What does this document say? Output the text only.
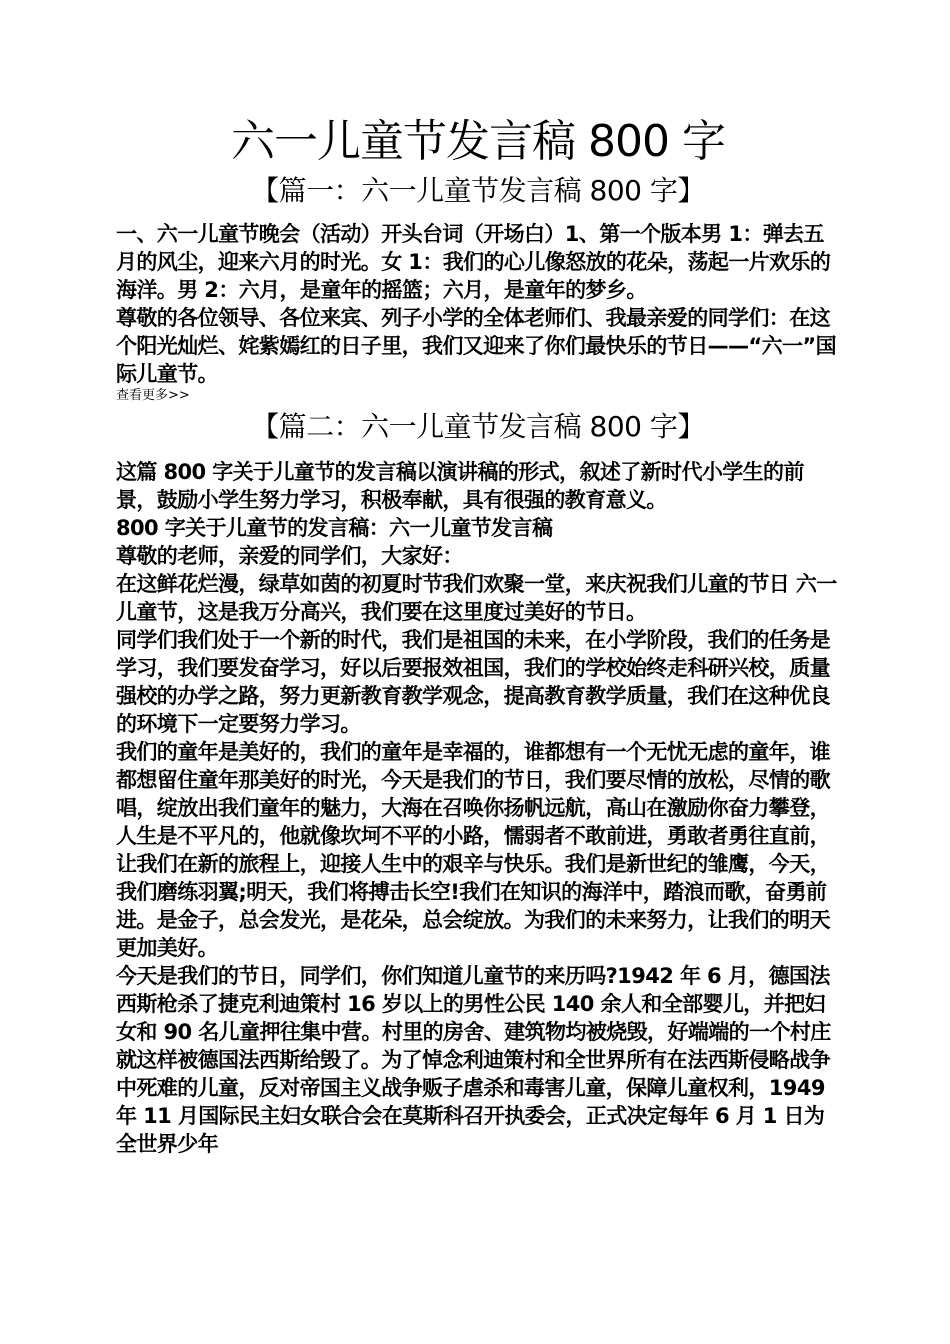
六一儿童节发言稿 800 字
【篇一：六一儿童节发言稿 800 字】

一、六一儿童节晚会（活动）开头台词（开场白）1、第一个版本男 1：弹去五月的风尘，迎来六月的时光。女 1：我们的心儿像怒放的花朵，荡起一片欢乐的海洋。男 2：六月，是童年的摇篮；六月，是童年的梦乡。

尊敬的各位领导、各位来宾、列子小学的全体老师们、我最亲爱的同学们：在这个阳光灿烂、姹紫嫣红的日子里，我们又迎来了你们最快乐的节日——“六一”国际儿童节。

查看更多>>
【篇二：六一儿童节发言稿 800 字】

这篇 800 字关于儿童节的发言稿以演讲稿的形式，叙述了新时代小学生的前景，鼓励小学生努力学习，积极奉献，具有很强的教育意义。

800 字关于儿童节的发言稿：六一儿童节发言稿

尊敬的老师，亲爱的同学们，大家好：

在这鲜花烂漫，绿草如茵的初夏时节我们欢聚一堂，来庆祝我们儿童的节日 六一儿童节，这是我万分高兴，我们要在这里度过美好的节日。

同学们我们处于一个新的时代，我们是祖国的未来，在小学阶段，我们的任务是学习，我们要发奋学习，好以后要报效祖国，我们的学校始终走科研兴校，质量强校的办学之路，努力更新教育教学观念，提高教育教学质量，我们在这种优良的环境下一定要努力学习。

我们的童年是美好的，我们的童年是幸福的，谁都想有一个无忧无虑的童年，谁都想留住童年那美好的时光，今天是我们的节日，我们要尽情的放松，尽情的歌唱，绽放出我们童年的魅力，大海在召唤你扬帆远航，高山在激励你奋力攀登，人生是不平凡的，他就像坎坷不平的小路，懦弱者不敢前进，勇敢者勇往直前，让我们在新的旅程上，迎接人生中的艰辛与快乐。我们是新世纪的雏鹰，今天，我们磨练羽翼;明天，我们将搏击长空!我们在知识的海洋中，踏浪而歌，奋勇前进。是金子，总会发光，是花朵，总会绽放。为我们的未来努力，让我们的明天更加美好。

今天是我们的节日，同学们，你们知道儿童节的来历吗?1942 年 6 月，德国法西斯枪杀了捷克利迪策村 16 岁以上的男性公民 140 余人和全部婴儿，并把妇女和 90 名儿童押往集中营。村里的房舍、建筑物均被烧毁，好端端的一个村庄就这样被德国法西斯给毁了。为了悼念利迪策村和全世界所有在法西斯侵略战争中死难的儿童，反对帝国主义战争贩子虐杀和毒害儿童，保障儿童权利，1949 年 11 月国际民主妇女联合会在莫斯科召开执委会，正式决定每年 6 月 1 日为全世界少年
